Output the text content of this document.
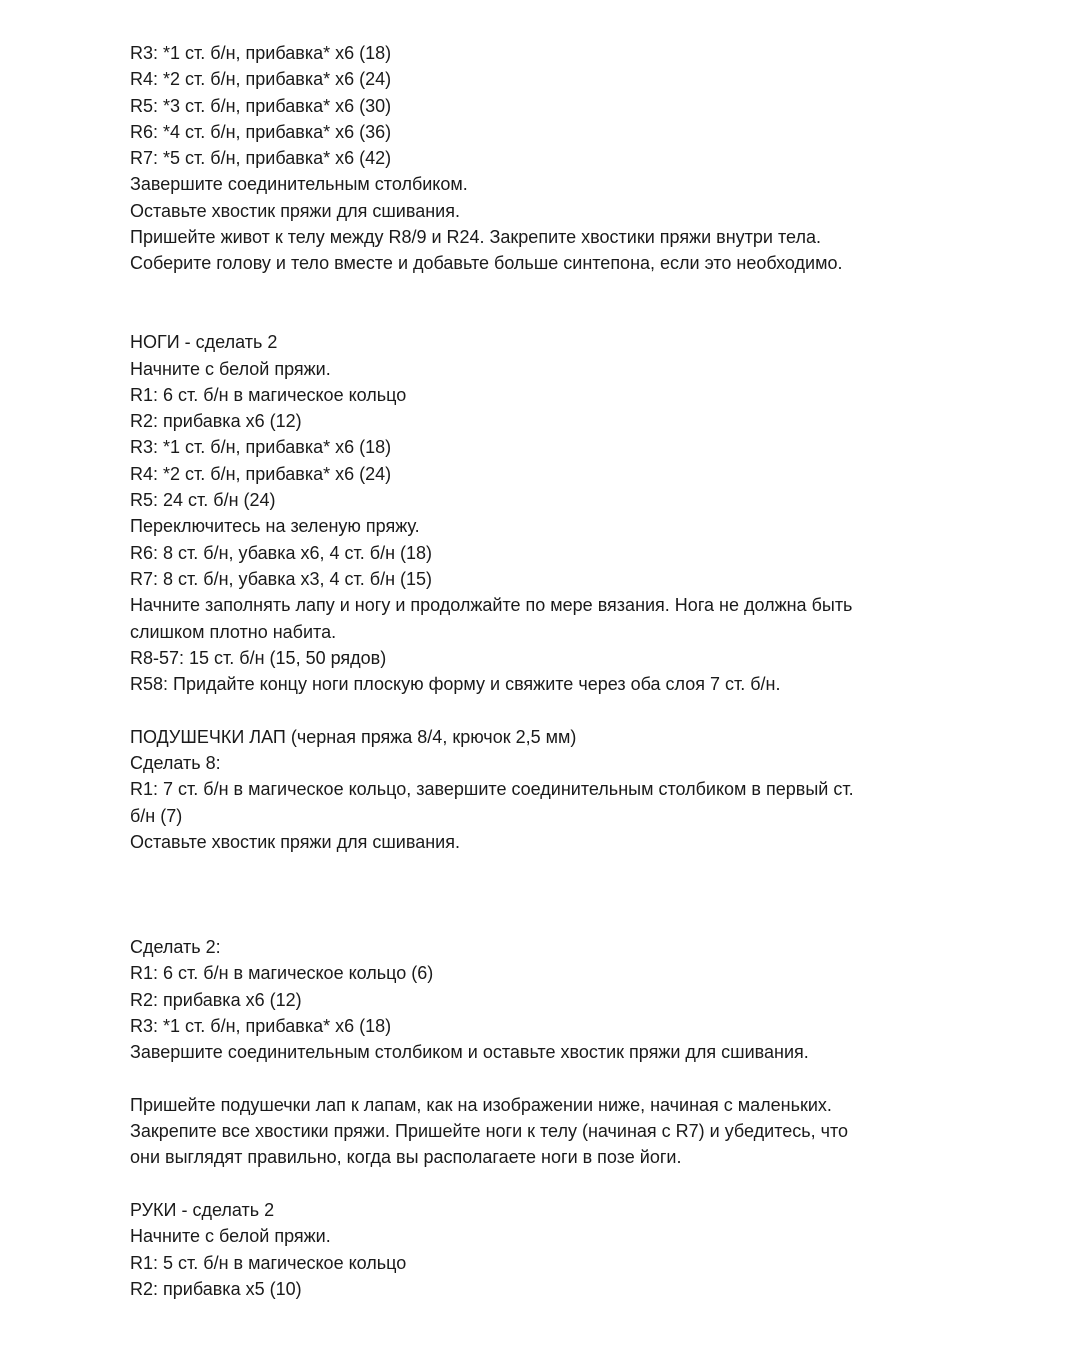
R3: *1 ст. б/н, прибавка* x6 (18)

R4: *2 ст. б/н, прибавка* x6 (24)

R5: *3 ст. б/н, прибавка* x6 (30)

R6: *4 ст. б/н, прибавка* x6 (36)

R7: *5 ст. б/н, прибавка* x6 (42)

Завершите соединительным столбиком.

Оставьте хвостик пряжи для сшивания.

Пришейте живот к телу между R8/9 и R24. Закрепите хвостики пряжи внутри тела.

Соберите голову и тело вместе и добавьте больше синтепона, если это необходимо.

НОГИ - сделать 2

Начните с белой пряжи.

R1: 6 ст. б/н в магическое кольцо

R2: прибавка x6 (12)

R3: *1 ст. б/н, прибавка* x6 (18)

R4: *2 ст. б/н, прибавка* x6 (24)

R5: 24 ст. б/н (24)

Переключитесь на зеленую пряжу.

R6: 8 ст. б/н, убавка x6, 4 ст. б/н (18)

R7: 8 ст. б/н, убавка x3, 4 ст. б/н (15)

Начните заполнять лапу и ногу и продолжайте по мере вязания. Нога не должна быть

слишком плотно набита.

R8-57: 15 ст. б/н (15, 50 рядов)

R58: Придайте концу ноги плоскую форму и свяжите через оба слоя 7 ст. б/н.

ПОДУШЕЧКИ ЛАП (черная пряжа 8/4, крючок 2,5 мм)

Сделать 8:

R1: 7 ст. б/н в магическое кольцо, завершите соединительным столбиком в первый ст.

б/н (7)

Оставьте хвостик пряжи для сшивания.

Сделать 2:

R1: 6 ст. б/н в магическое кольцо (6)

R2: прибавка x6 (12)

R3: *1 ст. б/н, прибавка* x6 (18)

Завершите соединительным столбиком и оставьте хвостик пряжи для сшивания.

Пришейте подушечки лап к лапам, как на изображении ниже, начиная с маленьких.

Закрепите все хвостики пряжи. Пришейте ноги к телу (начиная с R7) и убедитесь, что

они выглядят правильно, когда вы располагаете ноги в позе йоги.

РУКИ - сделать 2

Начните с белой пряжи.

R1: 5 ст. б/н в магическое кольцо

R2: прибавка x5 (10)
